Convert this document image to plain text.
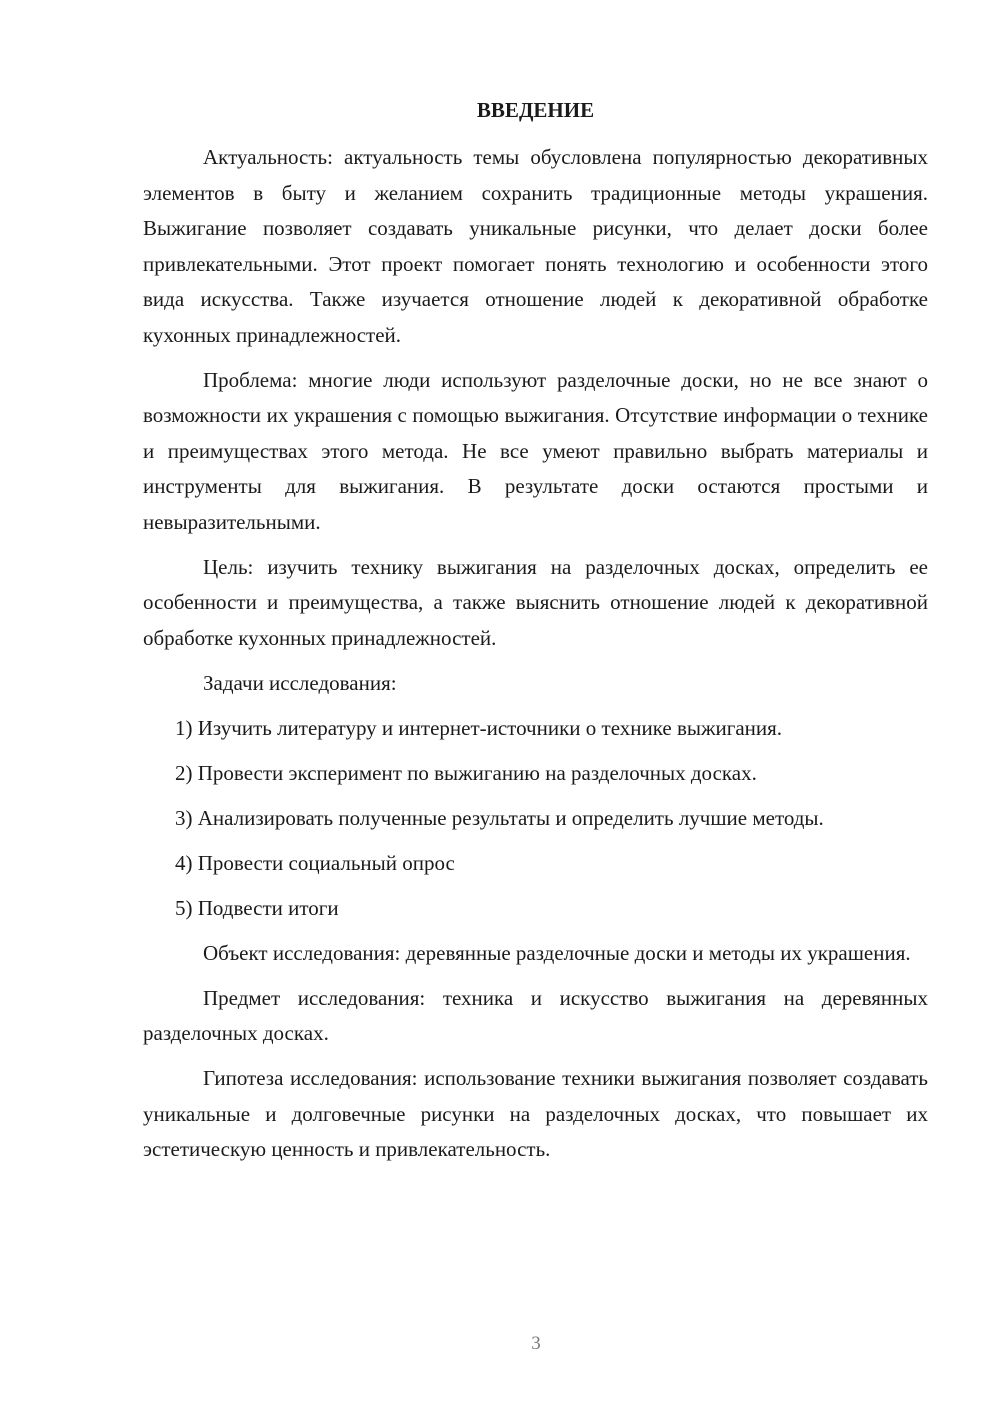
ВВЕДЕНИЕ

Актуальность: актуальность темы обусловлена популярностью декоративных элементов в быту и желанием сохранить традиционные методы украшения. Выжигание позволяет создавать уникальные рисунки, что делает доски более привлекательными. Этот проект помогает понять технологию и особенности этого вида искусства. Также изучается отношение людей к декоративной обработке кухонных принадлежностей.

Проблема: многие люди используют разделочные доски, но не все знают о возможности их украшения с помощью выжигания. Отсутствие информации о технике и преимуществах этого метода. Не все умеют правильно выбрать материалы и инструменты для выжигания. В результате доски остаются простыми и невыразительными.

Цель: изучить технику выжигания на разделочных досках, определить ее особенности и преимущества, а также выяснить отношение людей к декоративной обработке кухонных принадлежностей.

Задачи исследования:

1) Изучить литературу и интернет-источники о технике выжигания.

2) Провести эксперимент по выжиганию на разделочных досках.

3) Анализировать полученные результаты и определить лучшие методы.

4) Провести социальный опрос

5) Подвести итоги

Объект исследования: деревянные разделочные доски и методы их украшения.

Предмет исследования: техника и искусство выжигания на деревянных разделочных досках.

Гипотеза исследования: использование техники выжигания позволяет создавать уникальные и долговечные рисунки на разделочных досках, что повышает их эстетическую ценность и привлекательность.

3
